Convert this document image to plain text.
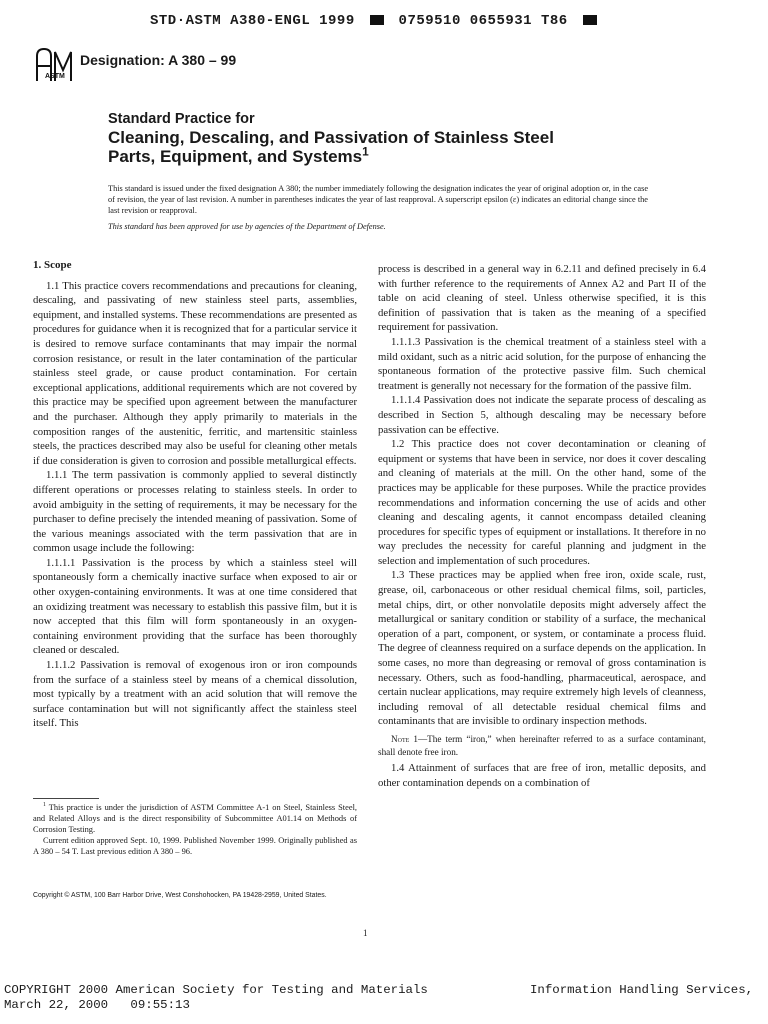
STD·ASTM A380-ENGL 1999	0759510 0655931 T86
ASTM
Designation: A 380 – 99
Standard Practice for
Cleaning, Descaling, and Passivation of Stainless Steel
Parts, Equipment, and Systems$^1$
This standard is issued under the fixed designation A 380; the number immediately following the designation indicates the year of original adoption or, in the case of revision, the year of last revision. A number in parentheses indicates the year of last reapproval. A superscript epsilon (ε) indicates an editorial change since the last revision or reapproval.
This standard has been approved for use by agencies of the Department of Defense.

1. Scope

1.1 This practice covers recommendations and precautions for cleaning, descaling, and passivating of new stainless steel parts, assemblies, equipment, and installed systems. These recommendations are presented as procedures for guidance when it is recognized that for a particular service it is desired to remove surface contaminants that may impair the normal corrosion resistance, or result in the later contamination of the particular stainless steel grade, or cause product contamination. For certain exceptional applications, additional requirements which are not covered by this practice may be specified upon agreement between the manufacturer and the purchaser. Although they apply primarily to materials in the composition ranges of the austenitic, ferritic, and martensitic stainless steels, the practices described may also be useful for cleaning other metals if due consideration is given to corrosion and possible metallurgical effects.

1.1.1 The term passivation is commonly applied to several distinctly different operations or processes relating to stainless steels. In order to avoid ambiguity in the setting of requirements, it may be necessary for the purchaser to define precisely the intended meaning of passivation. Some of the various meanings associated with the term passivation that are in common usage include the following:

1.1.1.1 Passivation is the process by which a stainless steel will spontaneously form a chemically inactive surface when exposed to air or other oxygen-containing environments. It was at one time considered that an oxidizing treatment was necessary to establish this passive film, but it is now accepted that this film will form spontaneously in an oxygen-containing environment providing that the surface has been thoroughly cleaned or descaled.

1.1.1.2 Passivation is removal of exogenous iron or iron compounds from the surface of a stainless steel by means of a chemical dissolution, most typically by a treatment with an acid solution that will remove the surface contamination but will not significantly affect the stainless steel itself. This

$^1$ This practice is under the jurisdiction of ASTM Committee A-1 on Steel, Stainless Steel, and Related Alloys and is the direct responsibility of Subcommittee A01.14 on Methods of Corrosion Testing.

Current edition approved Sept. 10, 1999. Published November 1999. Originally published as A 380 – 54 T. Last previous edition A 380 – 96.

process is described in a general way in 6.2.11 and defined precisely in 6.4 with further reference to the requirements of Annex A2 and Part II of the table on acid cleaning of steel. Unless otherwise specified, it is this definition of passivation that is taken as the meaning of a specified requirement for passivation.

1.1.1.3 Passivation is the chemical treatment of a stainless steel with a mild oxidant, such as a nitric acid solution, for the purpose of enhancing the spontaneous formation of the protective passive film. Such chemical treatment is generally not necessary for the formation of the passive film.

1.1.1.4 Passivation does not indicate the separate process of descaling as described in Section 5, although descaling may be necessary before passivation can be effective.

1.2 This practice does not cover decontamination or cleaning of equipment or systems that have been in service, nor does it cover descaling and cleaning of materials at the mill. On the other hand, some of the practices may be applicable for these purposes. While the practice provides recommendations and information concerning the use of acids and other cleaning and descaling agents, it cannot encompass detailed cleaning procedures for specific types of equipment or installations. It therefore in no way precludes the necessity for careful planning and judgment in the selection and implementation of such procedures.

1.3 These practices may be applied when free iron, oxide scale, rust, grease, oil, carbonaceous or other residual chemical films, soil, particles, metal chips, dirt, or other nonvolatile deposits might adversely affect the metallurgical or sanitary condition or stability of a surface, the mechanical operation of a part, component, or system, or contaminate a process fluid. The degree of cleanness required on a surface depends on the application. In some cases, no more than degreasing or removal of gross contamination is necessary. Others, such as food-handling, pharmaceutical, aerospace, and certain nuclear applications, may require extremely high levels of cleanness, including removal of all detectable residual chemical films and contaminants that are invisible to ordinary inspection methods.

Note 1—The term “iron,” when hereinafter referred to as a surface contaminant, shall denote free iron.

1.4 Attainment of surfaces that are free of iron, metallic deposits, and other contamination depends on a combination of

Copyright © ASTM, 100 Barr Harbor Drive, West Conshohocken, PA 19428-2959, United States.
1
COPYRIGHT 2000 American Society for Testing and Materials
March 22, 2000   09:55:13
Information Handling Services,
